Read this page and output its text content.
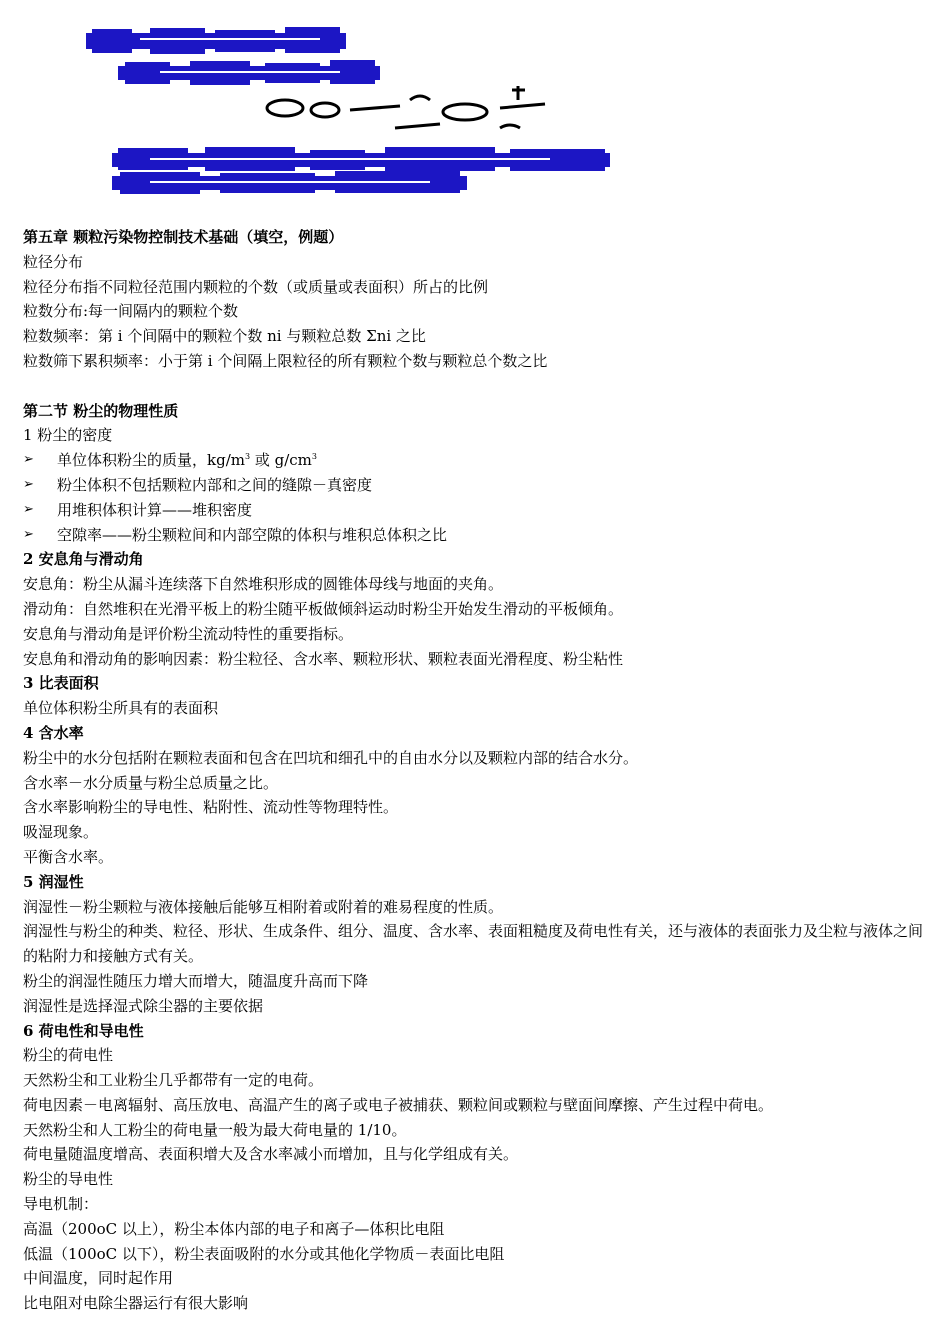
第五章 颗粒污染物控制技术基础（填空，例题）
粒径分布
粒径分布指不同粒径范围内颗粒的个数（或质量或表面积）所占的比例
粒数分布:每一间隔内的颗粒个数
粒数频率：第 i 个间隔中的颗粒个数 ni 与颗粒总数 Σni 之比
粒数筛下累积频率：小于第 i 个间隔上限粒径的所有颗粒个数与颗粒总个数之比
第二节 粉尘的物理性质
1 粉尘的密度
➢	单位体积粉尘的质量，$kg/m^3$ 或 $g/cm^3$
➢	粉尘体积不包括颗粒内部和之间的缝隙－真密度
➢	用堆积体积计算——堆积密度
➢	空隙率——粉尘颗粒间和内部空隙的体积与堆积总体积之比
2 安息角与滑动角
安息角：粉尘从漏斗连续落下自然堆积形成的圆锥体母线与地面的夹角。
滑动角：自然堆积在光滑平板上的粉尘随平板做倾斜运动时粉尘开始发生滑动的平板倾角。
安息角与滑动角是评价粉尘流动特性的重要指标。
安息角和滑动角的影响因素：粉尘粒径、含水率、颗粒形状、颗粒表面光滑程度、粉尘粘性
3 比表面积
单位体积粉尘所具有的表面积
4 含水率
粉尘中的水分包括附在颗粒表面和包含在凹坑和细孔中的自由水分以及颗粒内部的结合水分。
含水率－水分质量与粉尘总质量之比。
含水率影响粉尘的导电性、粘附性、流动性等物理特性。
吸湿现象。
平衡含水率。
5 润湿性
润湿性－粉尘颗粒与液体接触后能够互相附着或附着的难易程度的性质。
润湿性与粉尘的种类、粒径、形状、生成条件、组分、温度、含水率、表面粗糙度及荷电性有关，还与液体的表面张力及尘粒与液体之间的粘附力和接触方式有关。
粉尘的润湿性随压力增大而增大，随温度升高而下降
润湿性是选择湿式除尘器的主要依据
6 荷电性和导电性
粉尘的荷电性
天然粉尘和工业粉尘几乎都带有一定的电荷。
荷电因素－电离辐射、高压放电、高温产生的离子或电子被捕获、颗粒间或颗粒与壁面间摩擦、产生过程中荷电。
天然粉尘和人工粉尘的荷电量一般为最大荷电量的 1/10。
荷电量随温度增高、表面积增大及含水率减小而增加，且与化学组成有关。
粉尘的导电性
导电机制：
高温（200oC 以上），粉尘本体内部的电子和离子—体积比电阻
低温（100oC 以下），粉尘表面吸附的水分或其他化学物质－表面比电阻
中间温度，同时起作用
比电阻对电除尘器运行有很大影响
